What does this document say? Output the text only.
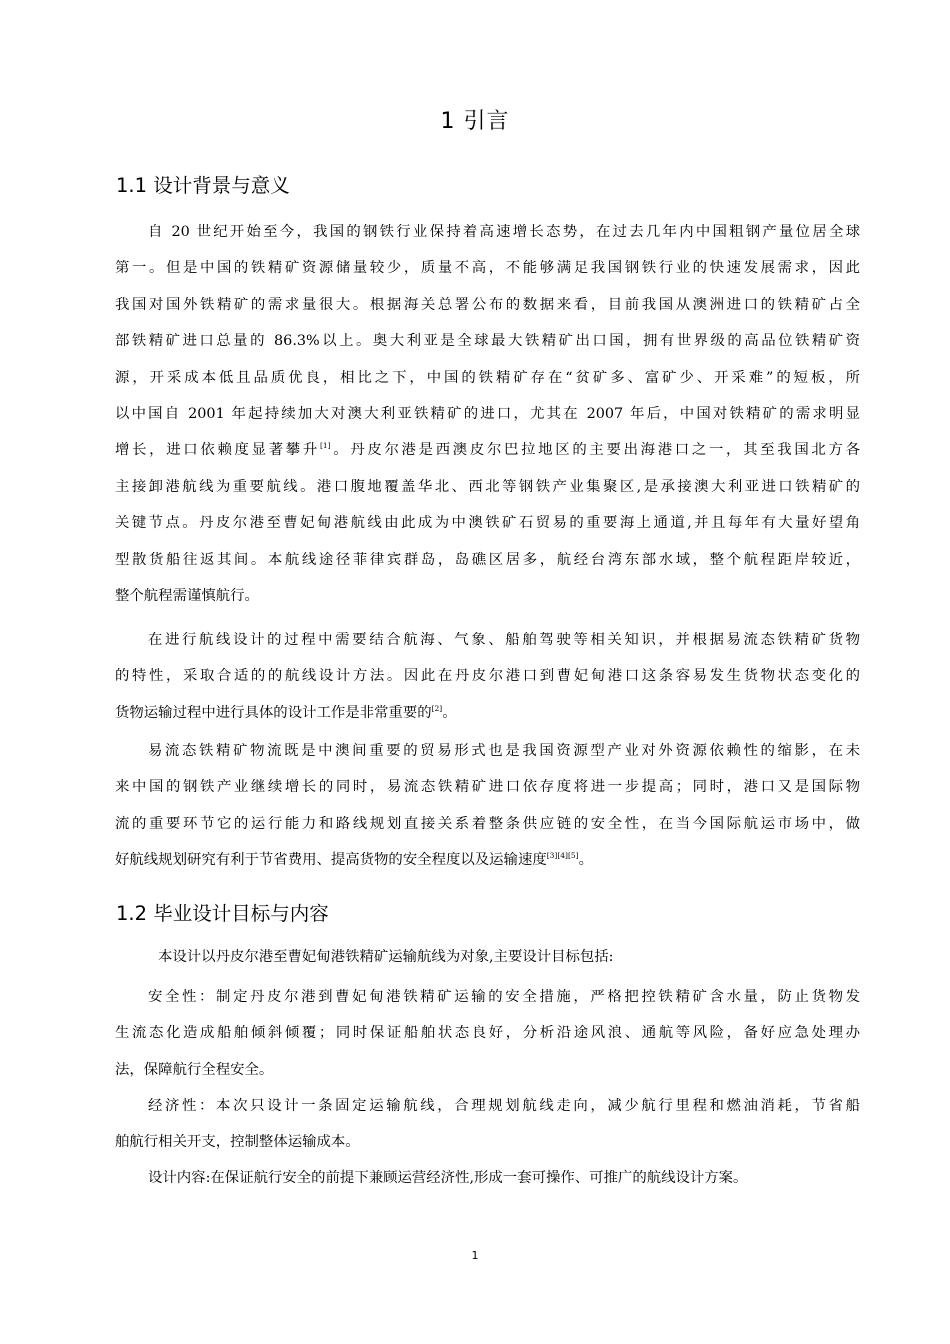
1 引言
1.1 设计背景与意义
自 20 世纪开始至今，我国的钢铁行业保持着高速增长态势，在过去几年内中国粗钢产量位居全球
第一。但是中国的铁精矿资源储量较少，质量不高，不能够满足我国钢铁行业的快速发展需求，因此
我国对国外铁精矿的需求量很大。根据海关总署公布的数据来看，目前我国从澳洲进口的铁精矿占全
部铁精矿进口总量的 86.3%以上。奥大利亚是全球最大铁精矿出口国，拥有世界级的高品位铁精矿资
源，开采成本低且品质优良，相比之下，中国的铁精矿存在“贫矿多、富矿少、开采难”的短板，所
以中国自 2001 年起持续加大对澳大利亚铁精矿的进口，尤其在 2007 年后，中国对铁精矿的需求明显
增长，进口依赖度显著攀升[1]。丹皮尔港是西澳皮尔巴拉地区的主要出海港口之一，其至我国北方各
主接卸港航线为重要航线。港口腹地覆盖华北、西北等钢铁产业集聚区,是承接澳大利亚进口铁精矿的
关键节点。丹皮尔港至曹妃甸港航线由此成为中澳铁矿石贸易的重要海上通道,并且每年有大量好望角
型散货船往返其间。本航线途径菲律宾群岛，岛礁区居多，航经台湾东部水域，整个航程距岸较近，
整个航程需谨慎航行。
在进行航线设计的过程中需要结合航海、气象、船舶驾驶等相关知识，并根据易流态铁精矿货物
的特性，采取合适的的航线设计方法。因此在丹皮尔港口到曹妃甸港口这条容易发生货物状态变化的
货物运输过程中进行具体的设计工作是非常重要的[2]。
易流态铁精矿物流既是中澳间重要的贸易形式也是我国资源型产业对外资源依赖性的缩影，在未
来中国的钢铁产业继续增长的同时，易流态铁精矿进口依存度将进一步提高；同时，港口又是国际物
流的重要环节它的运行能力和路线规划直接关系着整条供应链的安全性，在当今国际航运市场中，做
好航线规划研究有利于节省费用、提高货物的安全程度以及运输速度[3][4][5]。
1.2 毕业设计目标与内容
本设计以丹皮尔港至曹妃甸港铁精矿运输航线为对象,主要设计目标包括:
安全性：制定丹皮尔港到曹妃甸港铁精矿运输的安全措施，严格把控铁精矿含水量，防止货物发
生流态化造成船舶倾斜倾覆；同时保证船舶状态良好，分析沿途风浪、通航等风险，备好应急处理办
法，保障航行全程安全。
经济性：本次只设计一条固定运输航线，合理规划航线走向，减少航行里程和燃油消耗，节省船
舶航行相关开支，控制整体运输成本。
设计内容:在保证航行安全的前提下兼顾运营经济性,形成一套可操作、可推广的航线设计方案。
1
